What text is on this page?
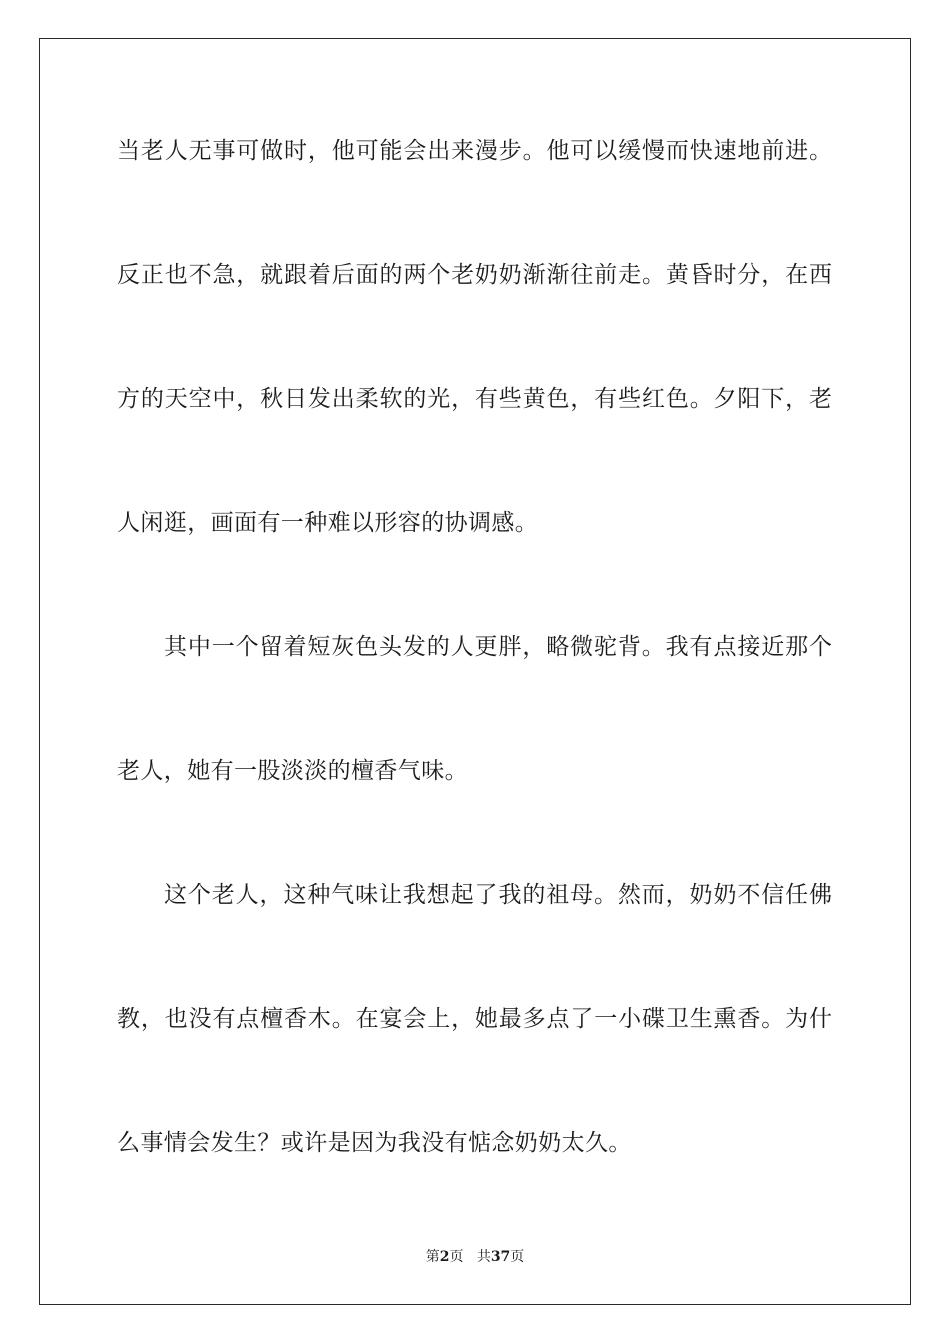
当老人无事可做时，他可能会出来漫步。他可以缓慢而快速地前进。
反正也不急，就跟着后面的两个老奶奶渐渐往前走。黄昏时分，在西
方的天空中，秋日发出柔软的光，有些黄色，有些红色。夕阳下，老
人闲逛，画面有一种难以形容的协调感。
其中一个留着短灰色头发的人更胖，略微驼背。我有点接近那个
老人，她有一股淡淡的檀香气味。
这个老人，这种气味让我想起了我的祖母。然而，奶奶不信任佛
教，也没有点檀香木。在宴会上，她最多点了一小碟卫生熏香。为什
么事情会发生？或许是因为我没有惦念奶奶太久。
第2页 共37页
